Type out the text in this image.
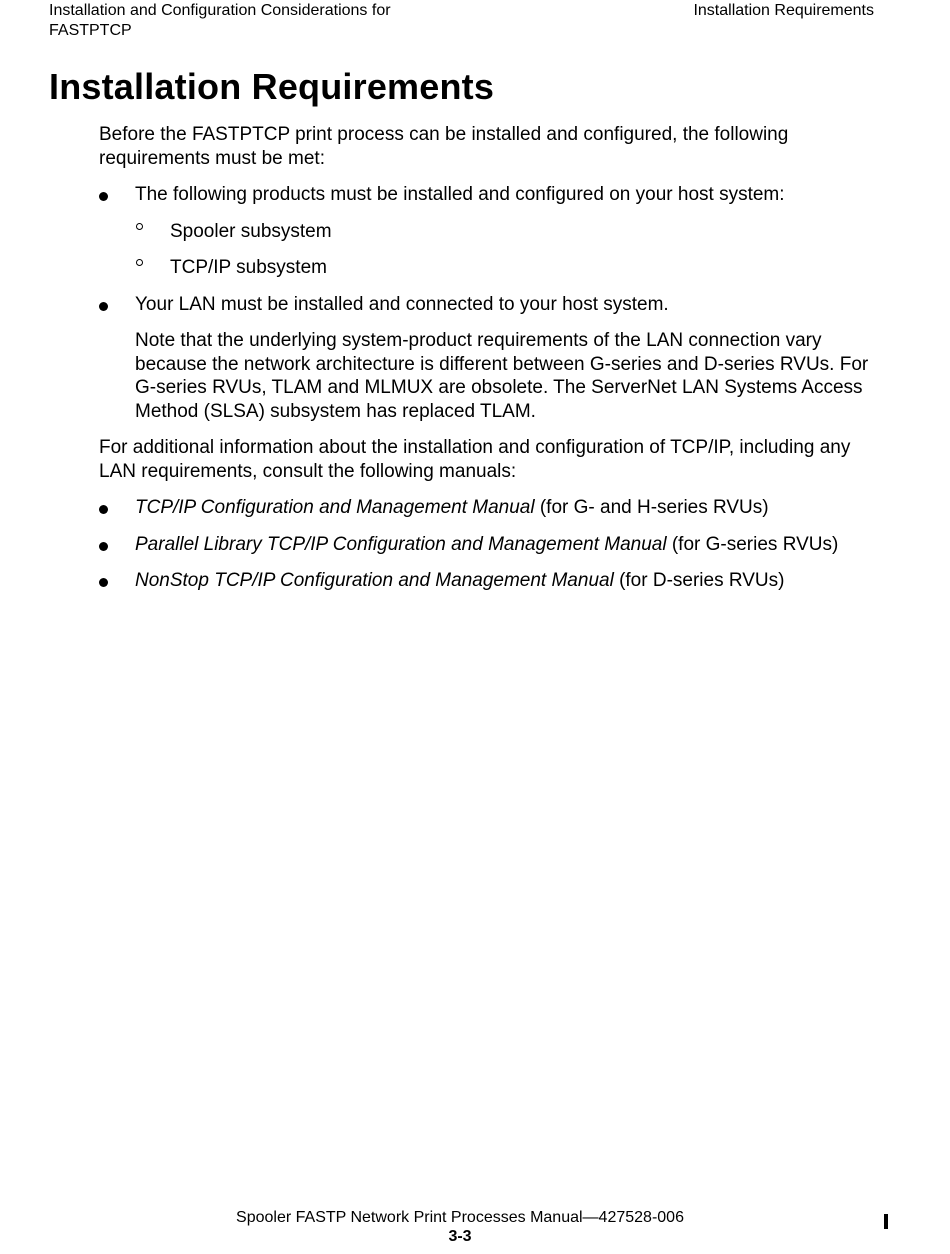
Installation and Configuration Considerations for
FASTPTCP
Installation Requirements
Installation Requirements

Before the FASTPTCP print process can be installed and configured, the following requirements must be met:

The following products must be installed and configured on your host system:
Spooler subsystem
TCP/IP subsystem
Your LAN must be installed and connected to your host system.

Note that the underlying system-product requirements of the LAN connection vary because the network architecture is different between G-series and D-series RVUs. For G-series RVUs, TLAM and MLMUX are obsolete. The ServerNet LAN Systems Access Method (SLSA) subsystem has replaced TLAM.

For additional information about the installation and configuration of TCP/IP, including any LAN requirements, consult the following manuals:

TCP/IP Configuration and Management Manual (for G- and H-series RVUs)
Parallel Library TCP/IP Configuration and Management Manual (for G-series RVUs)
NonStop TCP/IP Configuration and Management Manual (for D-series RVUs)
Spooler FASTP Network Print Processes Manual—427528-006
3-3
